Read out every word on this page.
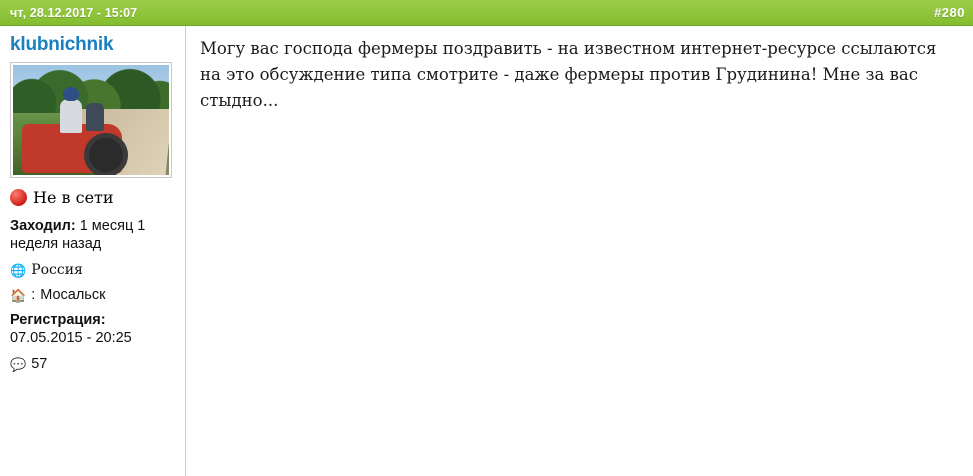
чт, 28.12.2017 - 15:07	#280
klubnichnik
Не в сети
Заходил: 1 месяц 1 неделя назад
🌐 Россия
🏠 : Мосальск
Регистрация:
07.05.2015 - 20:25
💬 57
Могу вас господа фермеры поздравить - на известном интернет-ресурсе ссылаются на это обсуждение типа смотрите - даже фермеры против Грудинина! Мне за вас стыдно...
